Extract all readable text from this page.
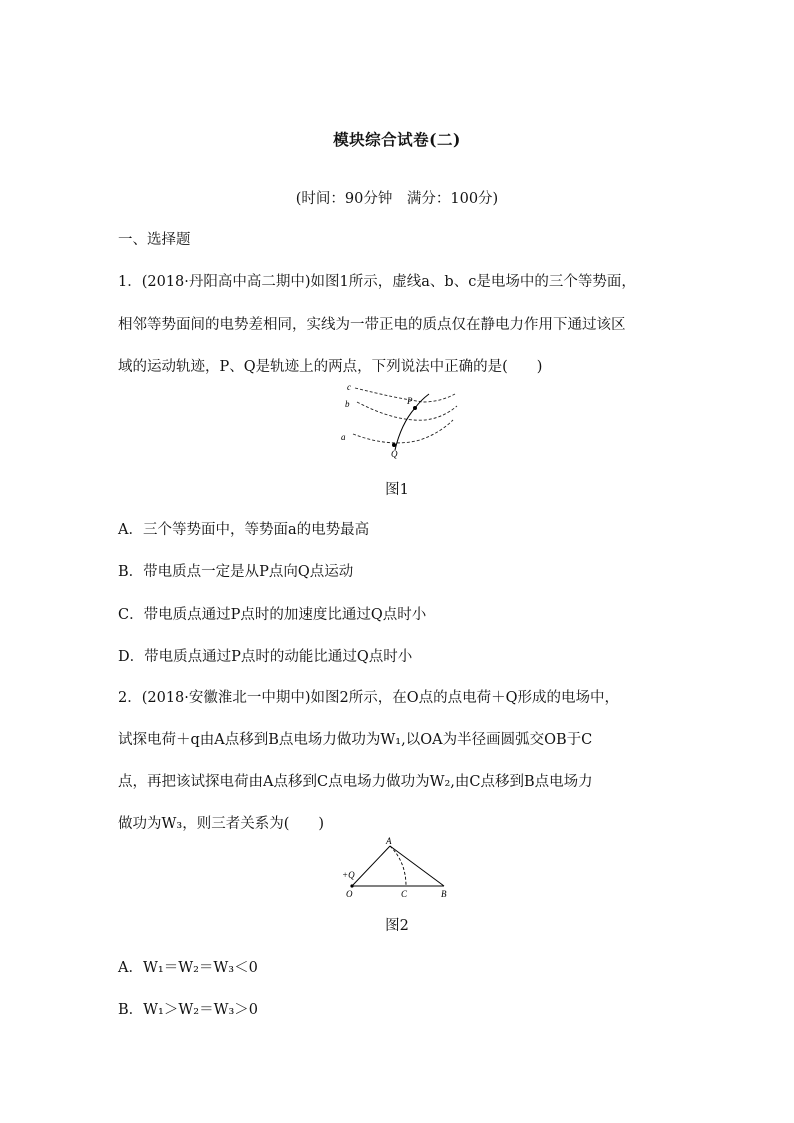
模块综合试卷(二)
(时间：90分钟　满分：100分)
一、选择题
1．(2018·丹阳高中高二期中)如图1所示，虚线a、b、c是电场中的三个等势面，
相邻等势面间的电势差相同，实线为一带正电的质点仅在静电力作用下通过该区
域的运动轨迹，P、Q是轨迹上的两点，下列说法中正确的是(　　)
c
b
a
P
Q
图1
A．三个等势面中，等势面a的电势最高
B．带电质点一定是从P点向Q点运动
C．带电质点通过P点时的加速度比通过Q点时小
D．带电质点通过P点时的动能比通过Q点时小
2．(2018·安徽淮北一中期中)如图2所示，在O点的点电荷＋Q形成的电场中，
试探电荷＋q由A点移到B点电场力做功为W₁,以OA为半径画圆弧交OB于C
点，再把该试探电荷由A点移到C点电场力做功为W₂,由C点移到B点电场力
做功为W₃，则三者关系为(　　)
A
+Q
O	C	B
图2
A．W₁＝W₂＝W₃＜0
B．W₁＞W₂＝W₃＞0
